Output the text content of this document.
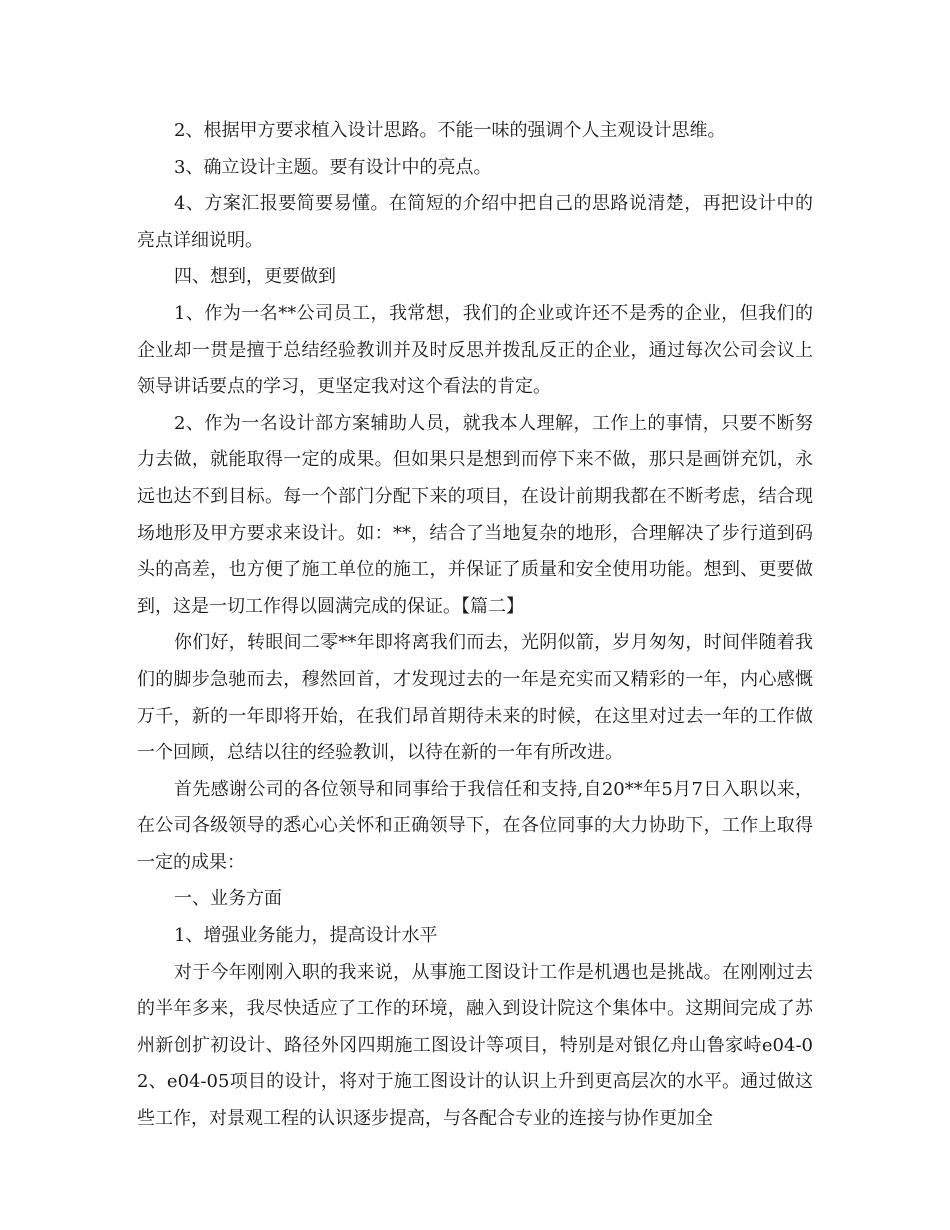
2、根据甲方要求植入设计思路。不能一味的强调个人主观设计思维。

3、确立设计主题。要有设计中的亮点。

4、方案汇报要简要易懂。在简短的介绍中把自己的思路说清楚，再把设计中的亮点详细说明。

四、想到，更要做到

1、作为一名**公司员工，我常想，我们的企业或许还不是秀的企业，但我们的企业却一贯是擅于总结经验教训并及时反思并拨乱反正的企业，通过每次公司会议上领导讲话要点的学习，更坚定我对这个看法的肯定。

2、作为一名设计部方案辅助人员，就我本人理解，工作上的事情，只要不断努力去做，就能取得一定的成果。但如果只是想到而停下来不做，那只是画饼充饥，永远也达不到目标。每一个部门分配下来的项目，在设计前期我都在不断考虑，结合现场地形及甲方要求来设计。如：**，结合了当地复杂的地形，合理解决了步行道到码头的高差，也方便了施工单位的施工，并保证了质量和安全使用功能。想到、更要做到，这是一切工作得以圆满完成的保证。【篇二】

你们好，转眼间二零**年即将离我们而去，光阴似箭，岁月匆匆，时间伴随着我们的脚步急驰而去，穆然回首，才发现过去的一年是充实而又精彩的一年，内心感慨万千，新的一年即将开始，在我们昂首期待未来的时候，在这里对过去一年的工作做一个回顾，总结以往的经验教训，以待在新的一年有所改进。

首先感谢公司的各位领导和同事给于我信任和支持,自20**年5月7日入职以来，在公司各级领导的悉心心关怀和正确领导下，在各位同事的大力协助下，工作上取得一定的成果：

一、业务方面

1、增强业务能力，提高设计水平

对于今年刚刚入职的我来说，从事施工图设计工作是机遇也是挑战。在刚刚过去的半年多来，我尽快适应了工作的环境，融入到设计院这个集体中。这期间完成了苏州新创扩初设计、路径外冈四期施工图设计等项目，特别是对银亿舟山鲁家峙e04-02、e04-05项目的设计，将对于施工图设计的认识上升到更高层次的水平。通过做这些工作，对景观工程的认识逐步提高，与各配合专业的连接与协作更加全
